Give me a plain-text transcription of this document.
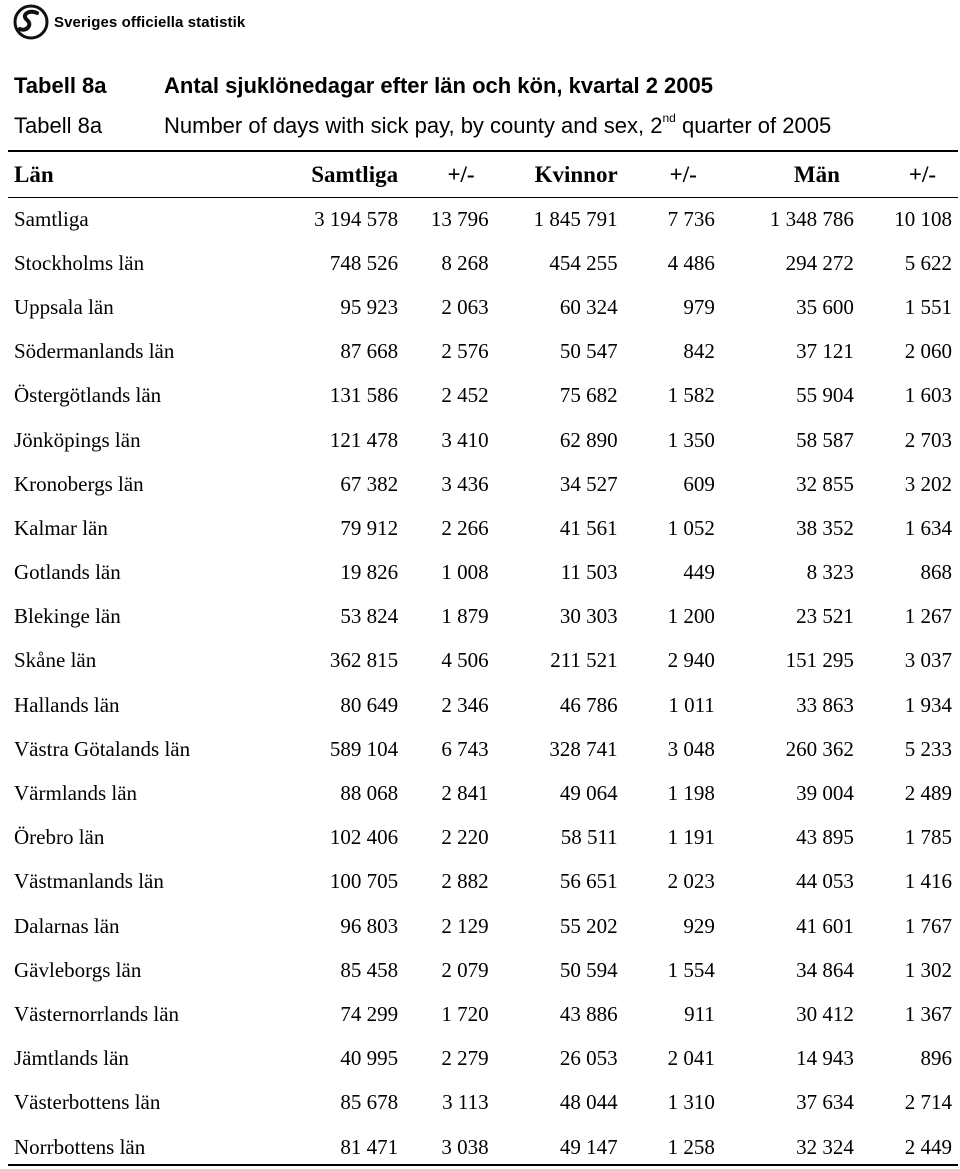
Sveriges officiella statistik
Tabell 8a	Antal sjuklönedagar efter län och kön, kvartal 2 2005
Tabell 8a	Number of days with sick pay, by county and sex, 2nd quarter of 2005
Län	Samtliga	+/-	Kvinnor	+/-	Män	+/-
Samtliga	3 194 578	13 796	1 845 791	7 736	1 348 786	10 108
Stockholms län	748 526	8 268	454 255	4 486	294 272	5 622
Uppsala län	95 923	2 063	60 324	979	35 600	1 551
Södermanlands län	87 668	2 576	50 547	842	37 121	2 060
Östergötlands län	131 586	2 452	75 682	1 582	55 904	1 603
Jönköpings län	121 478	3 410	62 890	1 350	58 587	2 703
Kronobergs län	67 382	3 436	34 527	609	32 855	3 202
Kalmar län	79 912	2 266	41 561	1 052	38 352	1 634
Gotlands län	19 826	1 008	11 503	449	8 323	868
Blekinge län	53 824	1 879	30 303	1 200	23 521	1 267
Skåne län	362 815	4 506	211 521	2 940	151 295	3 037
Hallands län	80 649	2 346	46 786	1 011	33 863	1 934
Västra Götalands län	589 104	6 743	328 741	3 048	260 362	5 233
Värmlands län	88 068	2 841	49 064	1 198	39 004	2 489
Örebro län	102 406	2 220	58 511	1 191	43 895	1 785
Västmanlands län	100 705	2 882	56 651	2 023	44 053	1 416
Dalarnas län	96 803	2 129	55 202	929	41 601	1 767
Gävleborgs län	85 458	2 079	50 594	1 554	34 864	1 302
Västernorrlands län	74 299	1 720	43 886	911	30 412	1 367
Jämtlands län	40 995	2 279	26 053	2 041	14 943	896
Västerbottens län	85 678	3 113	48 044	1 310	37 634	2 714
Norrbottens län	81 471	3 038	49 147	1 258	32 324	2 449
